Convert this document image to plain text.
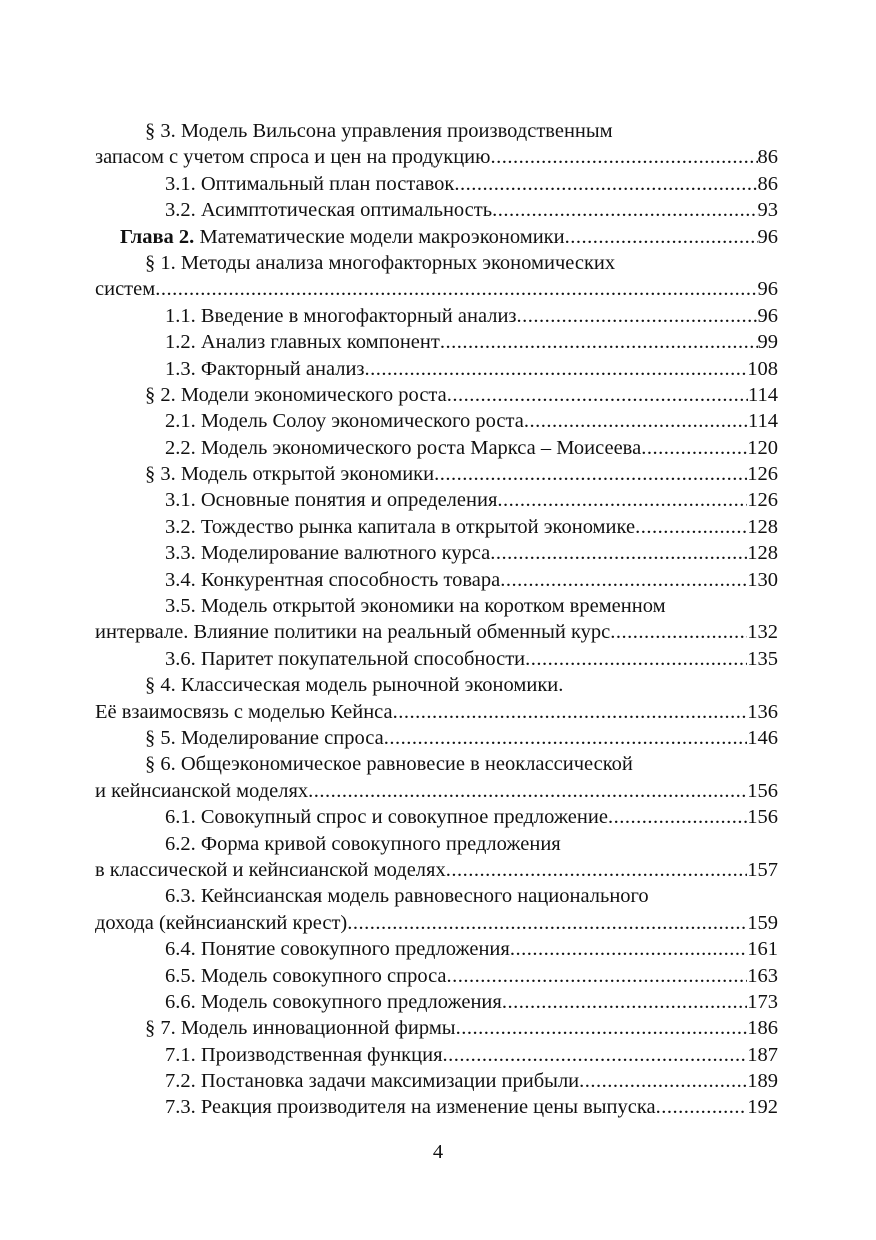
§ 3. Модель Вильсона управления производственным
запасом с учетом спроса и цен на продукцию .....	86
3.1. Оптимальный план поставок .....	86
3.2. Асимптотическая оптимальность .....	93
Глава 2. Математические модели макроэкономики .....	96
§ 1. Методы анализа многофакторных экономических
систем .....	96
1.1. Введение в многофакторный анализ .....	96
1.2. Анализ главных компонент .....	99
1.3. Факторный анализ .....	108
§ 2. Модели экономического роста .....	114
2.1. Модель Солоу экономического роста .....	114
2.2. Модель экономического роста Маркса – Моисеева .....	120
§ 3. Модель открытой экономики .....	126
3.1. Основные понятия и определения .....	126
3.2. Тождество рынка капитала в открытой экономике .....	128
3.3. Моделирование валютного курса .....	128
3.4. Конкурентная способность товара .....	130
3.5. Модель открытой экономики на коротком временном
интервале. Влияние политики на реальный обменный курс .....	132
3.6. Паритет покупательной способности .....	135
§ 4. Классическая модель рыночной экономики.
Её взаимосвязь с моделью Кейнса .....	136
§ 5. Моделирование спроса .....	146
§ 6. Общеэкономическое равновесие в неоклассической
и кейнсианской моделях .....	156
6.1. Совокупный спрос и совокупное предложение .....	156
6.2. Форма кривой совокупного предложения
в классической и кейнсианской моделях .....	157
6.3. Кейнсианская модель равновесного национального
дохода (кейнсианский крест) .....	159
6.4. Понятие совокупного предложения .....	161
6.5. Модель совокупного спроса .....	163
6.6. Модель совокупного предложения .....	173
§ 7. Модель инновационной фирмы .....	186
7.1. Производственная функция .....	187
7.2. Постановка задачи максимизации прибыли .....	189
7.3. Реакция производителя на изменение цены выпуска .....	192
4
